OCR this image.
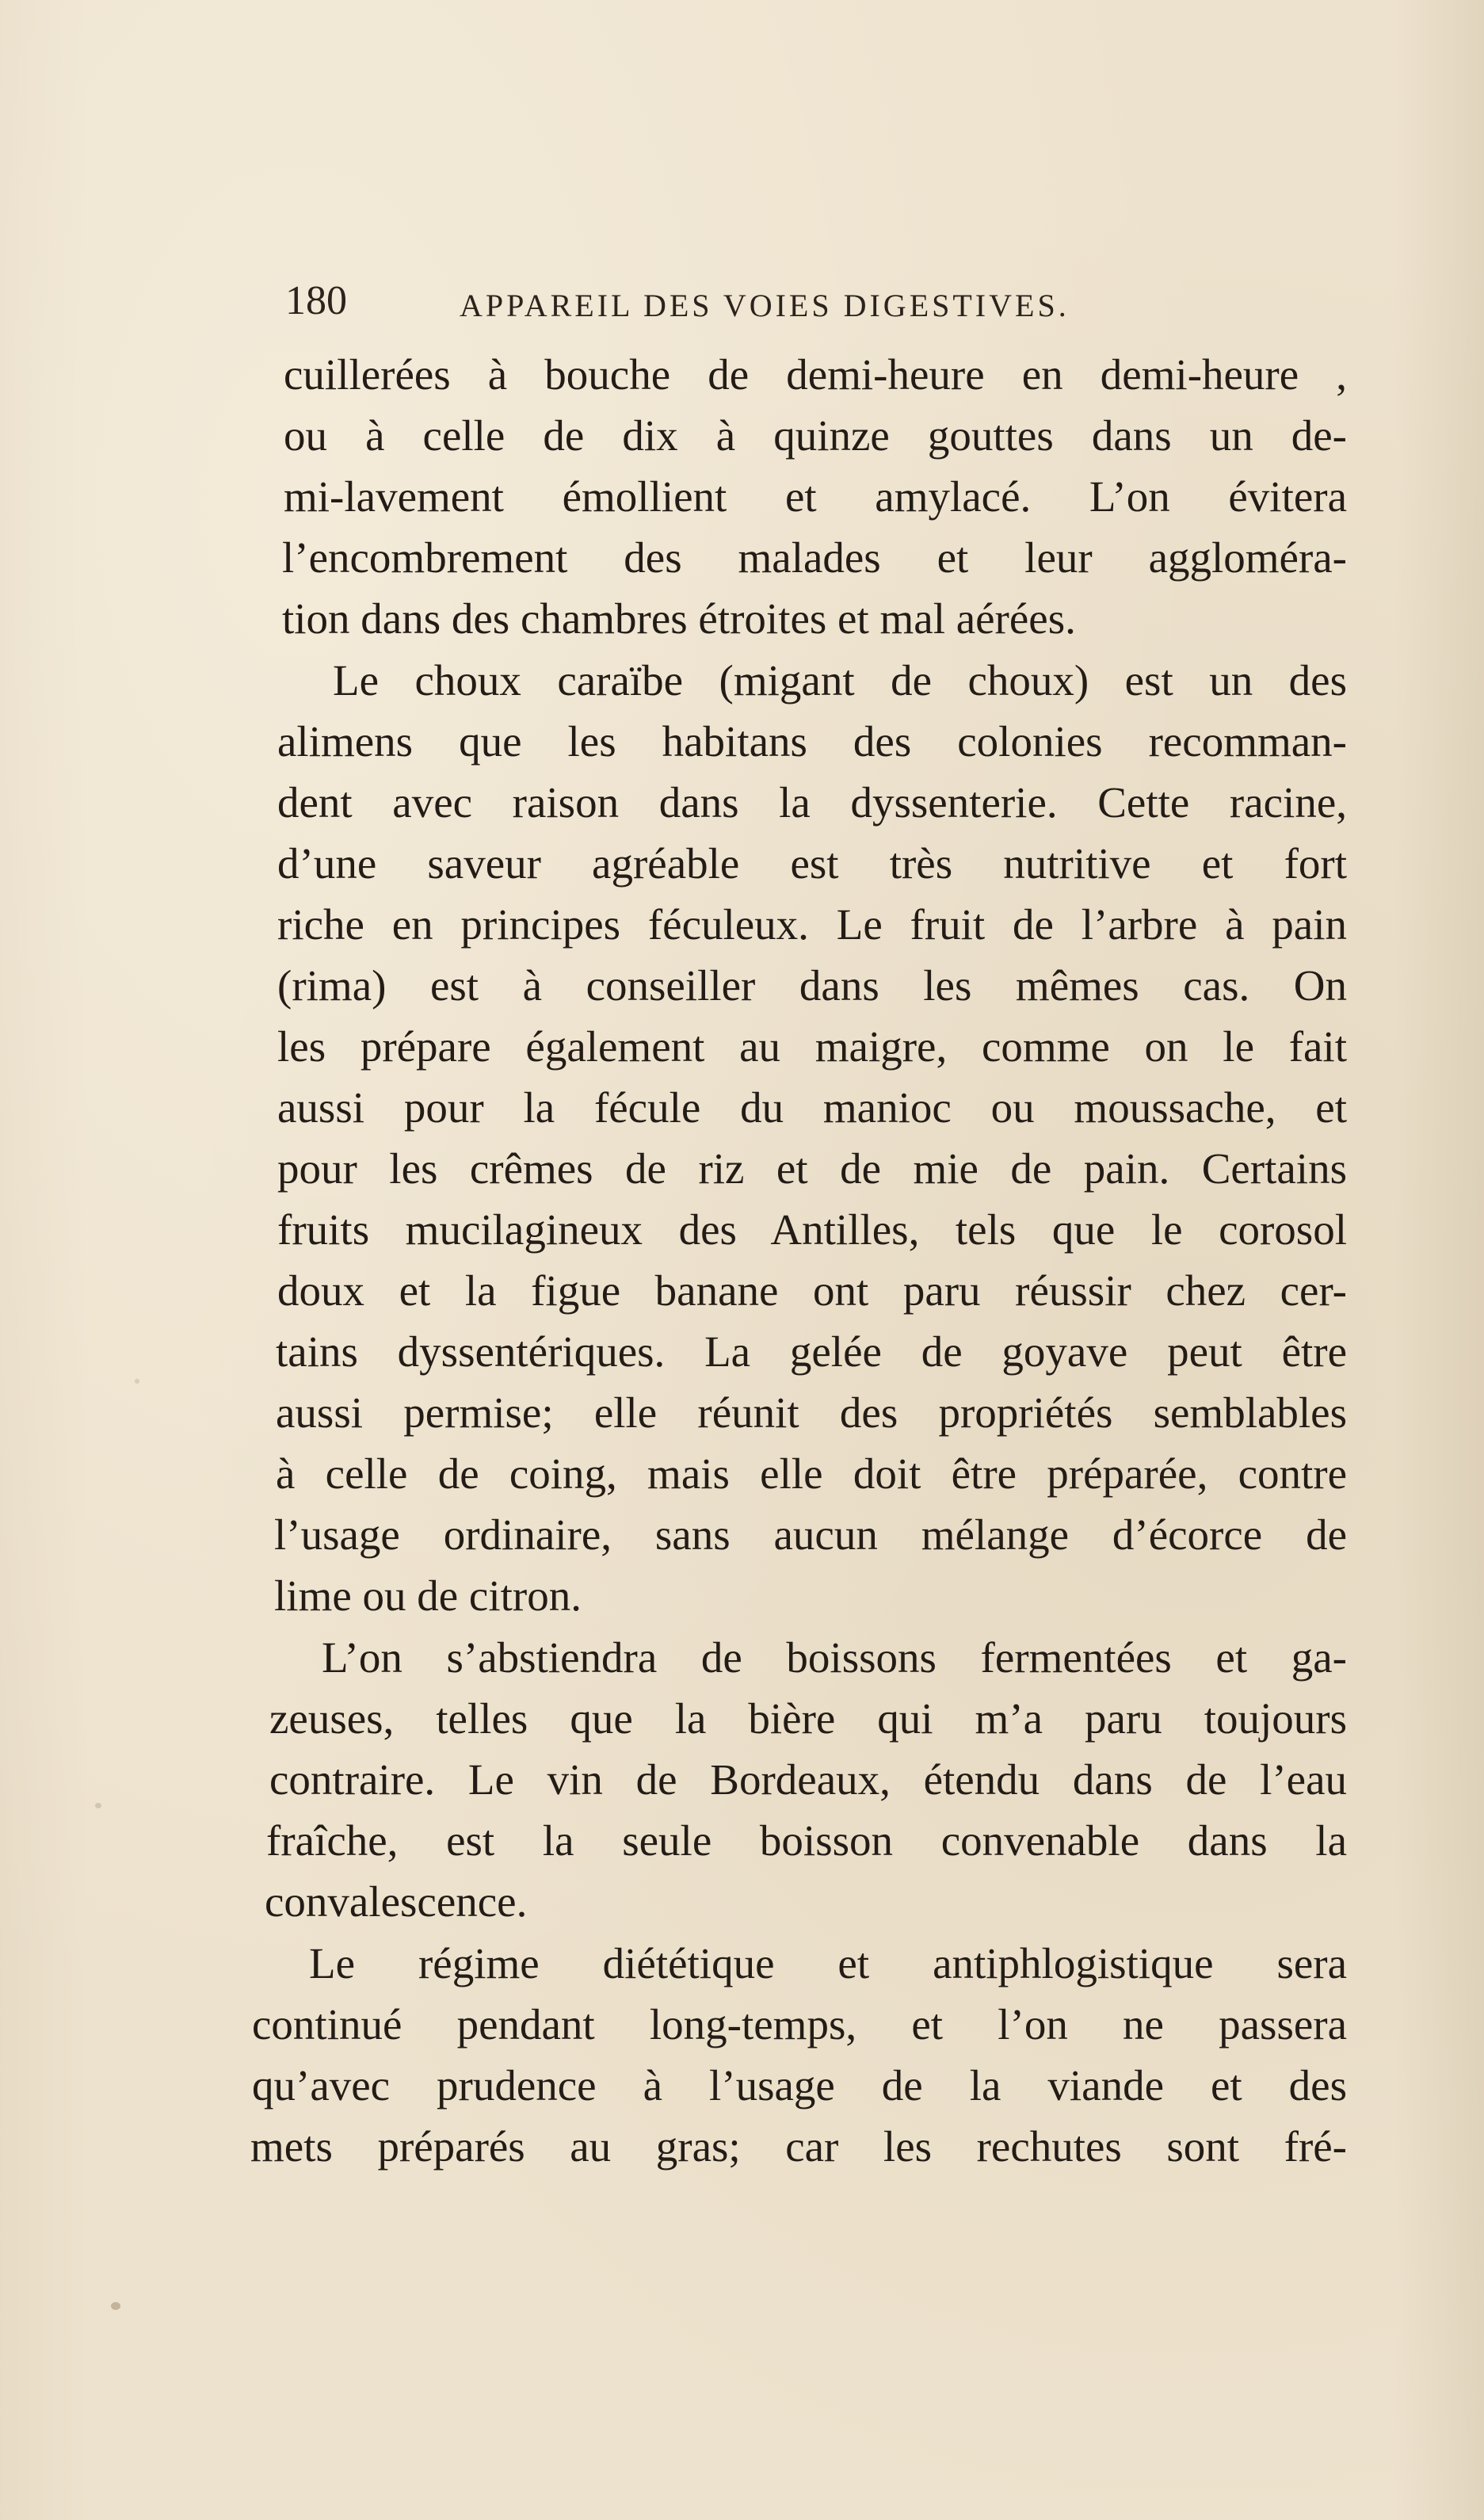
180	APPAREIL DES VOIES DIGESTIVES.
cuillerées à bouche de demi-heure en demi-heure ,
ou à celle de dix à quinze gouttes dans un de-
mi-lavement émollient et amylacé. L’on évitera
l’encombrement des malades et leur aggloméra-
tion dans des chambres étroites et mal aérées.
Le choux caraïbe (migant de choux) est un des
alimens que les habitans des colonies recomman-
dent avec raison dans la dyssenterie. Cette racine,
d’une saveur agréable est très nutritive et fort
riche en principes féculeux. Le fruit de l’arbre à pain
(rima) est à conseiller dans les mêmes cas. On
les prépare également au maigre, comme on le fait
aussi pour la fécule du manioc ou moussache, et
pour les crêmes de riz et de mie de pain. Certains
fruits mucilagineux des Antilles, tels que le corosol
doux et la figue banane ont paru réussir chez cer-
tains dyssentériques. La gelée de goyave peut être
aussi permise; elle réunit des propriétés semblables
à celle de coing, mais elle doit être préparée, contre
l’usage ordinaire, sans aucun mélange d’écorce de
lime ou de citron.
L’on s’abstiendra de boissons fermentées et ga-
zeuses, telles que la bière qui m’a paru toujours
contraire. Le vin de Bordeaux, étendu dans de l’eau
fraîche, est la seule boisson convenable dans la
convalescence.
Le régime diététique et antiphlogistique sera
continué pendant long-temps, et l’on ne passera
qu’avec prudence à l’usage de la viande et des
mets préparés au gras; car les rechutes sont fré-
